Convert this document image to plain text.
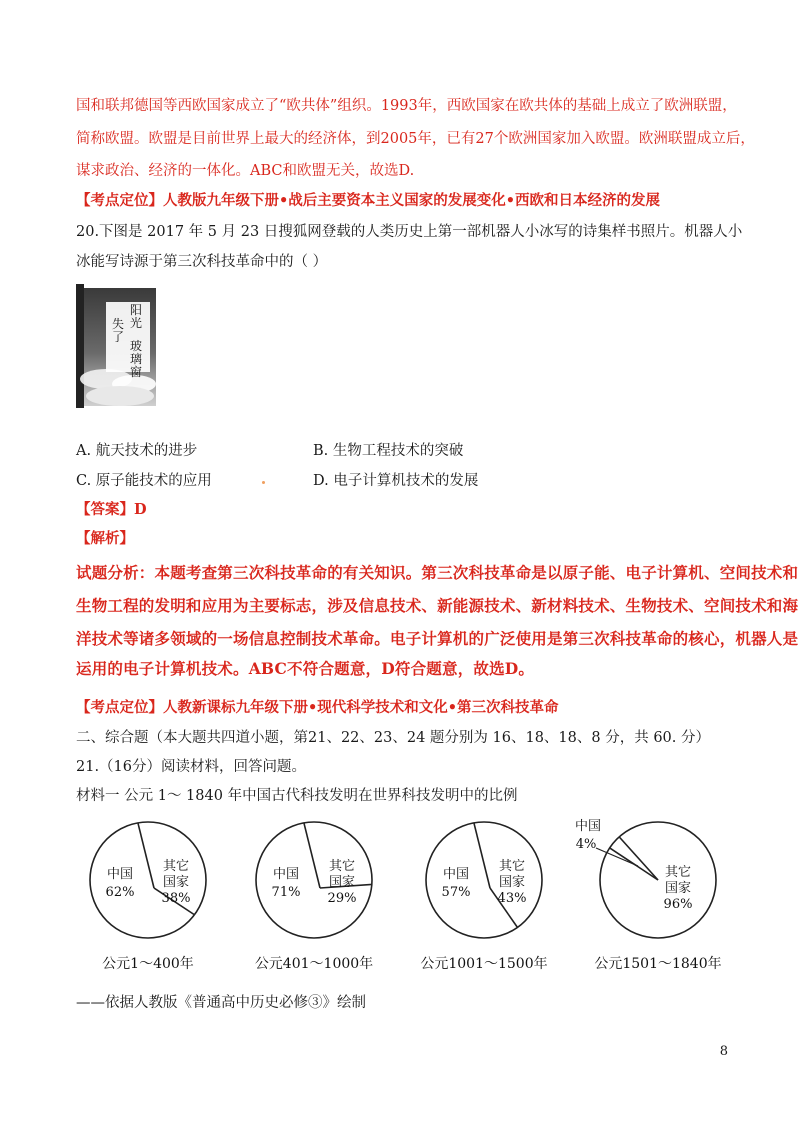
国和联邦德国等西欧国家成立了“欧共体”组织。1993年，西欧国家在欧共体的基础上成立了欧洲联盟，
简称欧盟。欧盟是目前世界上最大的经济体，到2005年，已有27个欧洲国家加入欧盟。欧洲联盟成立后，
谋求政治、经济的一体化。ABC和欧盟无关，故选D.
【考点定位】人教版九年级下册•战后主要资本主义国家的发展变化•西欧和日本经济的发展
20.下图是 2017 年 5 月 23 日搜狐网登载的人类历史上第一部机器人小冰写的诗集样书照片。机器人小
冰能写诗源于第三次科技革命中的（ ）
阳光
失了
玻璃窗
A. 航天技术的进步	B. 生物工程技术的突破
C. 原子能技术的应用	D. 电子计算机技术的发展
【答案】D
【解析】
试题分析：本题考查第三次科技革命的有关知识。第三次科技革命是以原子能、电子计算机、空间技术和
生物工程的发明和应用为主要标志，涉及信息技术、新能源技术、新材料技术、生物技术、空间技术和海
洋技术等诸多领域的一场信息控制技术革命。电子计算机的广泛使用是第三次科技革命的核心，机器人是
运用的电子计算机技术。ABC不符合题意，D符合题意，故选D。
【考点定位】人教新课标九年级下册•现代科学技术和文化•第三次科技革命
二、综合题（本大题共四道小题，第21、22、23、24 题分别为 16、18、18、8 分，共 60. 分）
21.（16分）阅读材料，回答问题。
材料一 公元 1～ 1840 年中国古代科技发明在世界科技发明中的比例
中国
62%
其它
国家
38%
公元1～400年
中国
71%
其它
国家
29%
公元401～1000年
中国
57%
其它
国家
43%
公元1001～1500年
中国
4%
其它
国家
96%
公元1501～1840年
——依据人教版《普通高中历史必修③》绘制
8
